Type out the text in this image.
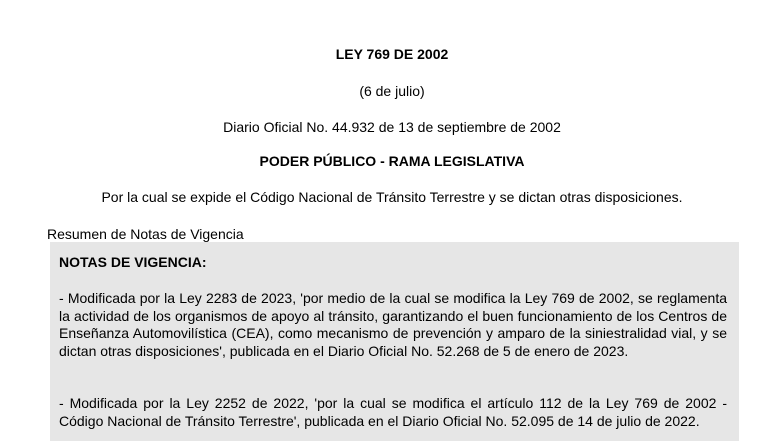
LEY 769 DE 2002
(6 de julio)
Diario Oficial No. 44.932 de 13 de septiembre de 2002
PODER PÚBLICO - RAMA LEGISLATIVA
Por la cual se expide el Código Nacional de Tránsito Terrestre y se dictan otras disposiciones.
Resumen de Notas de Vigencia
NOTAS DE VIGENCIA:

- Modificada por la Ley 2283 de 2023, 'por medio de la cual se modifica la Ley 769 de 2002, se reglamenta la actividad de los organismos de apoyo al tránsito, garantizando el buen funcionamiento de los Centros de Enseñanza Automovilística (CEA), como mecanismo de prevención y amparo de la siniestralidad vial, y se dictan otras disposiciones', publicada en el Diario Oficial No. 52.268 de 5 de enero de 2023.

- Modificada por la Ley 2252 de 2022, 'por la cual se modifica el artículo 112 de la Ley 769 de 2002 - Código Nacional de Tránsito Terrestre', publicada en el Diario Oficial No. 52.095 de 14 de julio de 2022.
